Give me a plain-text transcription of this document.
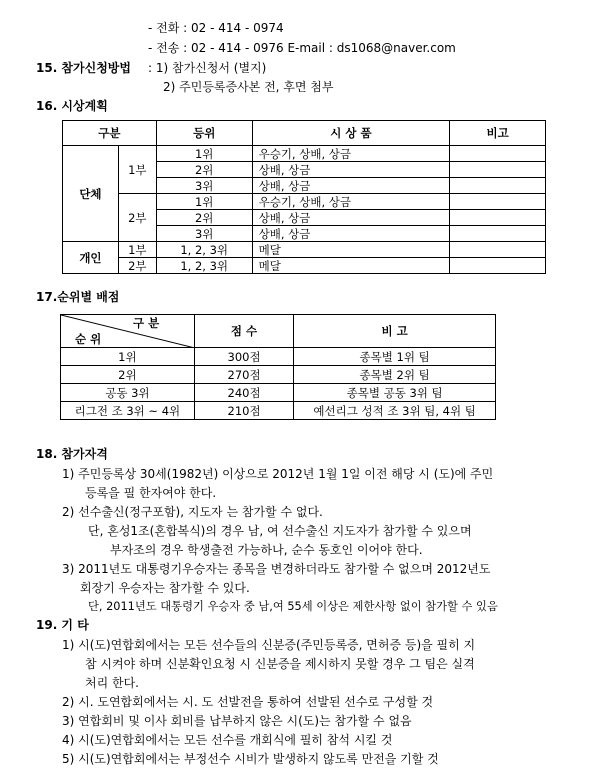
- 전화 : 02 - 414 - 0974
- 전송 : 02 - 414 - 0976 E-mail : ds1068@naver.com
15. 참가신청방법 : 1) 참가신청서 (별지)
2) 주민등록증사본 전, 후면 첨부
16. 시상계획
구분		등위	시 상 품	비고
단체	1부	1위	우승기, 상배, 상금	
		2위	상배, 상금	
		3위	상배, 상금	
	2부	1위	우승기, 상배, 상금	
		2위	상배, 상금	
		3위	상배, 상금	
개인	1부	1, 2, 3위	메달	
	2부	1, 2, 3위	메달	
17.순위별 배점
구 분
순 위	점 수	비 고
1위	300점	종목별 1위 팀
2위	270점	종목별 2위 팀
공동 3위	240점	종목별 공동 3위 팀
리그전 조 3위 ~ 4위	210점	예선리그 성적 조 3위 팀, 4위 팀
18. 참가자격
1) 주민등록상 30세(1982년) 이상으로 2012년 1월 1일 이전 해당 시 (도)에 주민
등록을 필 한자여야 한다.
2) 선수출신(정구포함), 지도자 는 참가할 수 없다.
단, 혼성1조(혼합복식)의 경우 남, 여 선수출신 지도자가 참가할 수 있으며
부자조의 경우 학생출전 가능하나, 순수 동호인 이어야 한다.
3) 2011년도 대통령기우승자는 종목을 변경하더라도 참가할 수 없으며 2012년도
회장기 우승자는 참가할 수 있다.
단, 2011년도 대통령기 우승자 중 남,여 55세 이상은 제한사항 없이 참가할 수 있음
19. 기 타
1) 시(도)연합회에서는 모든 선수들의 신분증(주민등록증, 면허증 등)을 필히 지
참 시켜야 하며 신분확인요청 시 신분증을 제시하지 못할 경우 그 팀은 실격
처리 한다.
2) 시. 도연합회에서는 시. 도 선발전을 통하여 선발된 선수로 구성할 것
3) 연합회비 및 이사 회비를 납부하지 않은 시(도)는 참가할 수 없음
4) 시(도)연합회에서는 모든 선수를 개회식에 필히 참석 시킬 것
5) 시(도)연합회에서는 부정선수 시비가 발생하지 않도록 만전을 기할 것
